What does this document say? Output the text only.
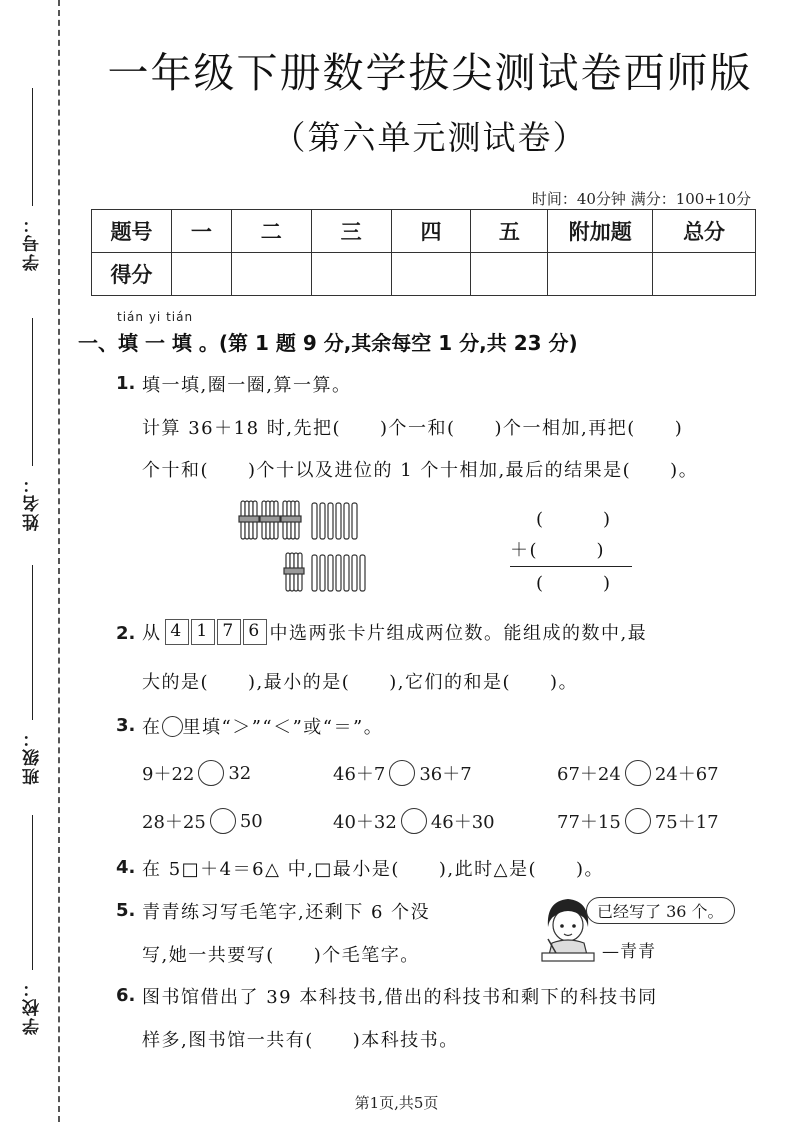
学号：
姓名：
班级：
学校：
一年级下册数学拔尖测试卷西师版
（第六单元测试卷）
时间：40分钟 满分：100+10分
题号	一	二	三	四	五	附加题	总分
得分							
tián yi tián
一、填 一 填 。(第 1 题 9 分,其余每空 1 分,共 23 分)
1. 填一填,圈一圈,算一算。
计算 36＋18 时,先把(　　)个一和(　　)个一相加,再把(　　)
个十和(　　)个十以及进位的 1 个十相加,最后的结果是(　　)。
(　　　)
＋(　　　)
(　　　)
2. 从 4 1 7 6 中选两张卡片组成两位数。能组成的数中,最
大的是(　　),最小的是(　　),它们的和是(　　)。
3. 在 里填“＞”“＜”或“＝”。
9＋22 32	46＋7 36＋7	67＋24 24＋67
28＋25 50	40＋32 46＋30	77＋15 75＋17
4. 在 5□＋4＝6△ 中,□最小是(　　),此时△是(　　)。
5. 青青练习写毛笔字,还剩下 6 个没
写,她一共要写(　　)个毛笔字。
已经写了 36 个。
—青青
6. 图书馆借出了 39 本科技书,借出的科技书和剩下的科技书同
样多,图书馆一共有(　　)本科技书。
第1页,共5页
